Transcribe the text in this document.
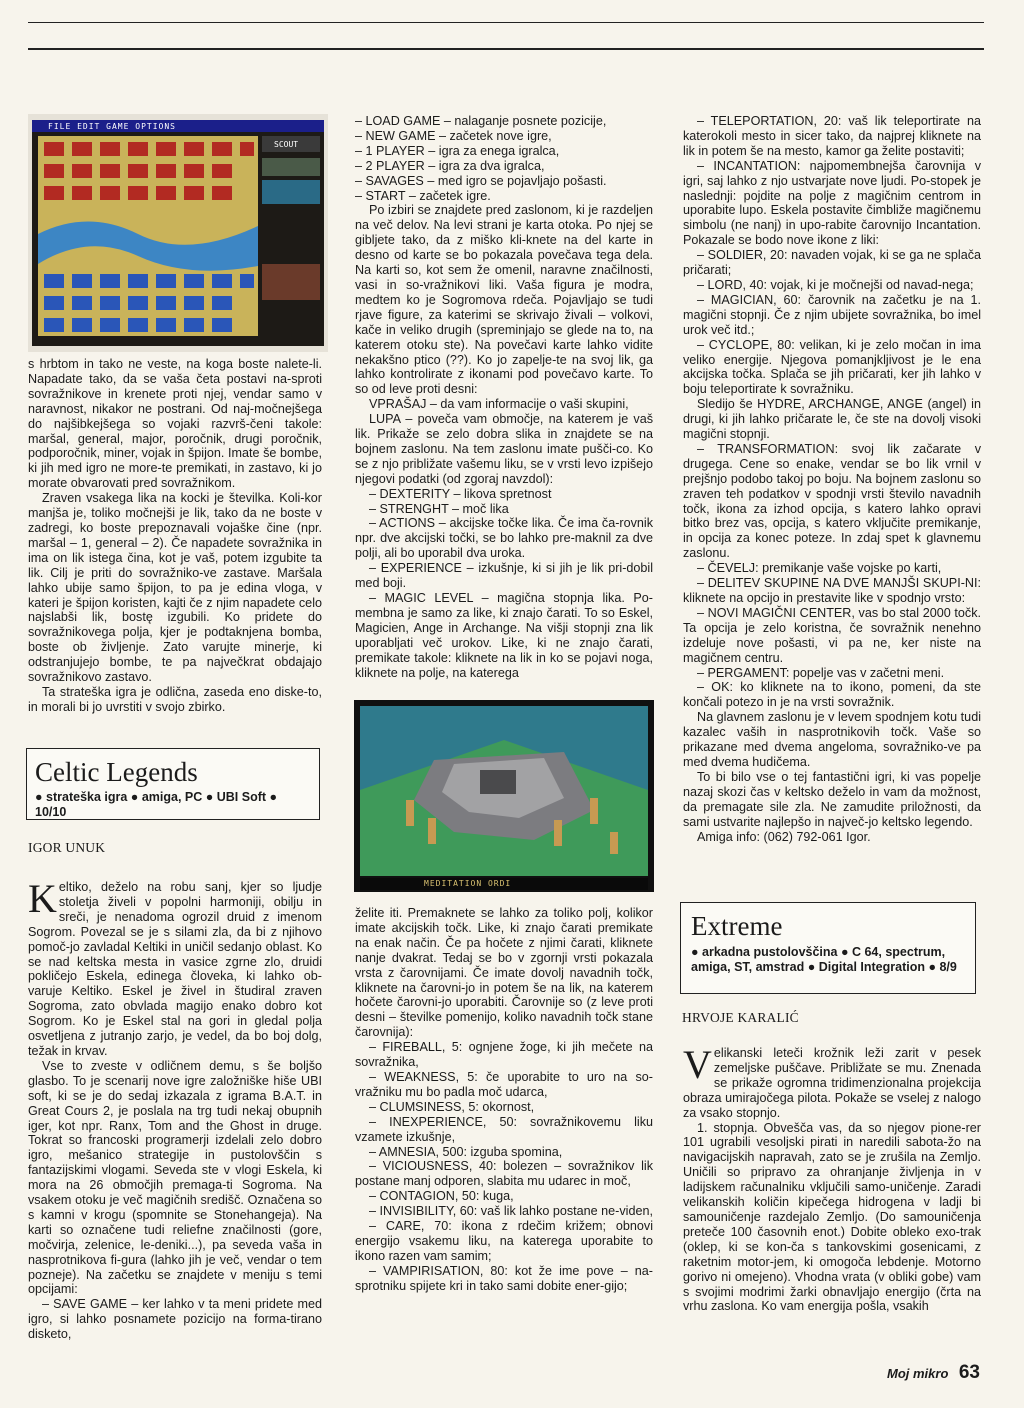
FILE EDIT GAME OPTIONS
SCOUT

s hrbtom in tako ne veste, na koga boste nalete-li. Napadate tako, da se vaša četa postavi na-sproti sovražnikove in krenete proti njej, vendar samo v naravnost, nikakor ne postrani. Od naj-močnejšega do najšibkejšega so vojaki razvrš-čeni takole: maršal, general, major, poročnik, drugi poročnik, podporočnik, miner, vojak in špijon. Imate še bombe, ki jih med igro ne more-te premikati, in zastavo, ki jo morate obvarovati pred sovražnikom.

Zraven vsakega lika na kocki je številka. Koli-kor manjša je, toliko močnejši je lik, tako da ne boste v zadregi, ko boste prepoznavali vojaške čine (npr. maršal – 1, general – 2). Če napadete sovražnika in ima on lik istega čina, kot je vaš, potem izgubite ta lik. Cilj je priti do sovražniko-ve zastave. Maršala lahko ubije samo špijon, to pa je edina vloga, v kateri je špijon koristen, kajti če z njim napadete celo najslabši lik, bostę izgubili. Ko pridete do sovražnikovega polja, kjer je podtaknjena bomba, boste ob življenje. Zato varujte minerje, ki odstranjujejo bombe, te pa največkrat obdajajo sovražnikovo zastavo.

Ta strateška igra je odlična, zaseda eno diske-to, in morali bi jo uvrstiti v svojo zbirko.

Celtic Legends
● strateška igra ● amiga, PC ● UBI Soft ● 10/10
IGOR UNUK

Keltiko, deželo na robu sanj, kjer so ljudje stoletja živeli v popolni harmoniji, obilju in sreči, je nenadoma ogrozil druid z imenom Sogrom. Povezal se je s silami zla, da bi z njihovo pomoč-jo zavladal Keltiki in uničil sedanjo oblast. Ko se nad keltska mesta in vasice zgrne zlo, druidi pokličejo Eskela, edinega človeka, ki lahko ob-varuje Keltiko. Eskel je živel in študiral zraven Sogroma, zato obvlada magijo enako dobro kot Sogrom. Ko je Eskel stal na gori in gledal polja osvetljena z jutranjo zarjo, je vedel, da bo boj dolg, težak in krvav.

Vse to zveste v odličnem demu, s še boljšo glasbo. To je scenarij nove igre založniške hiše UBI soft, ki se je do sedaj izkazala z igrama B.A.T. in Great Cours 2, je poslala na trg tudi nekaj obupnih iger, kot npr. Ranx, Tom and the Ghost in druge. Tokrat so francoski programerji izdelali zelo dobro igro, mešanico strategije in pustolovščin s fantazijskimi vlogami. Seveda ste v vlogi Eskela, ki mora na 26 območjih premaga-ti Sogroma. Na vsakem otoku je več magičnih središč. Označena so s kamni v krogu (spomnite se Stonehangeja). Na karti so označene tudi reliefne značilnosti (gore, močvirja, zelenice, le-deniki...), pa seveda vaša in nasprotnikova fi-gura (lahko jih je več, vendar o tem pozneje). Na začetku se znajdete v meniju s temi opcijami:

– SAVE GAME – ker lahko v ta meni pridete med igro, si lahko posnamete pozicijo na forma-tirano disketo,

– LOAD GAME – nalaganje posnete pozicije,

– NEW GAME – začetek nove igre,

– 1 PLAYER – igra za enega igralca,

– 2 PLAYER – igra za dva igralca,

– SAVAGES – med igro se pojavljajo pošasti.

– START – začetek igre.

Po izbiri se znajdete pred zaslonom, ki je razdeljen na več delov. Na levi strani je karta otoka. Po njej se gibljete tako, da z miško kli-knete na del karte in desno od karte se bo pokazala povečava tega dela. Na karti so, kot sem že omenil, naravne značilnosti, vasi in so-vražnikovi liki. Vaša figura je modra, medtem ko je Sogromova rdeča. Pojavljajo se tudi rjave figure, za katerimi se skrivajo živali – volkovi, kače in veliko drugih (spreminjajo se glede na to, na katerem otoku ste). Na povečavi karte lahko vidite nekakšno ptico (??). Ko jo zapelje-te na svoj lik, ga lahko kontrolirate z ikonami pod povečavo karte. To so od leve proti desni:

VPRAŠAJ – da vam informacije o vaši skupini,

LUPA – poveča vam območje, na katerem je vaš lik. Prikaže se zelo dobra slika in znajdete se na bojnem zaslonu. Na tem zaslonu imate pušči-co. Ko se z njo približate vašemu liku, se v vrsti levo izpišejo njegovi podatki (od zgoraj navzdol):

– DEXTERITY – likova spretnost

– STRENGHT – moč lika

– ACTIONS – akcijske točke lika. Če ima ča-rovnik npr. dve akcijski točki, se bo lahko pre-maknil za dve polji, ali bo uporabil dva uroka.

– EXPERIENCE – izkušnje, ki si jih je lik pri-dobil med boji.

– MAGIC LEVEL – magična stopnja lika. Po-membna je samo za like, ki znajo čarati. To so Eskel, Magicien, Ange in Archange. Na višji stopnji zna lik uporabljati več urokov. Like, ki ne znajo čarati, premikate takole: kliknete na lik in ko se pojavi noga, kliknete na polje, na katerega

MEDITATION ORDI

želite iti. Premaknete se lahko za toliko polj, kolikor imate akcijskih točk. Like, ki znajo čarati premikate na enak način. Če pa hočete z njimi čarati, kliknete nanje dvakrat. Tedaj se bo v zgornji vrsti pokazala vrsta z čarovnijami. Če imate dovolj navadnih točk, kliknete na čarovni-jo in potem še na lik, na katerem hočete čarovni-jo uporabiti. Čarovnije so (z leve proti desni – številke pomenijo, koliko navadnih točk stane čarovnija):

– FIREBALL, 5: ognjene žoge, ki jih mečete na sovražnika,

– WEAKNESS, 5: če uporabite to uro na so-vražniku mu bo padla moč udarca,

– CLUMSINESS, 5: okornost,

– INEXPERIENCE, 50: sovražnikovemu liku vzamete izkušnje,

– AMNESIA, 500: izguba spomina,

– VICIOUSNESS, 40: bolezen – sovražnikov lik postane manj odporen, slabita mu udarec in moč,

– CONTAGION, 50: kuga,

– INVISIBILITY, 60: vaš lik lahko postane ne-viden,

– CARE, 70: ikona z rdečim križem; obnovi energijo vsakemu liku, na katerega uporabite to ikono razen vam samim;

– VAMPIRISATION, 80: kot že ime pove – na-sprotniku spijete kri in tako sami dobite ener-gijo;

– TELEPORTATION, 20: vaš lik teleportirate na katerokoli mesto in sicer tako, da najprej kliknete na lik in potem še na mesto, kamor ga želite postaviti;

– INCANTATION: najpomembnejša čarovnija v igri, saj lahko z njo ustvarjate nove ljudi. Po-stopek je naslednji: pojdite na polje z magičnim centrom in uporabite lupo. Eskela postavite čimbliže magičnemu simbolu (ne nanj) in upo-rabite čarovnijo Incantation. Pokazale se bodo nove ikone z liki:

– SOLDIER, 20: navaden vojak, ki se ga ne splača pričarati;

– LORD, 40: vojak, ki je močnejši od navad-nega;

– MAGICIAN, 60: čarovnik na začetku je na 1. magični stopnji. Če z njim ubijete sovražnika, bo imel urok več itd.;

– CYCLOPE, 80: velikan, ki je zelo močan in ima veliko energije. Njegova pomanjkljivost je le ena akcijska točka. Splača se jih pričarati, ker jih lahko v boju teleportirate k sovražniku.

Sledijo še HYDRE, ARCHANGE, ANGE (angel) in drugi, ki jih lahko pričarate le, če ste na dovolj visoki magični stopnji.

– TRANSFORMATION: svoj lik začarate v drugega. Cene so enake, vendar se bo lik vrnil v prejšnjo podobo takoj po boju. Na bojnem zaslonu so zraven teh podatkov v spodnji vrsti število navadnih točk, ikona za izhod opcija, s katero lahko opravi bitko brez vas, opcija, s katero vključite premikanje, in opcija za konec poteze. In zdaj spet k glavnemu zaslonu.

– ČEVELJ: premikanje vaše vojske po karti,

– DELITEV SKUPINE NA DVE MANJŠI SKUPI-NI: kliknete na opcijo in prestavite like v spodnjo vrsto:

– NOVI MAGIČNI CENTER, vas bo stal 2000 točk. Ta opcija je zelo koristna, če sovražnik nenehno izdeluje nove pošasti, vi pa ne, ker niste na magičnem centru.

– PERGAMENT: popelje vas v začetni meni.

– OK: ko kliknete na to ikono, pomeni, da ste končali potezo in je na vrsti sovražnik.

Na glavnem zaslonu je v levem spodnjem kotu tudi kazalec vaših in nasprotnikovih točk. Vaše so prikazane med dvema angeloma, sovražniko-ve pa med dvema hudičema.

To bi bilo vse o tej fantastični igri, ki vas popelje nazaj skozi čas v keltsko deželo in vam da možnost, da premagate sile zla. Ne zamudite priložnosti, da sami ustvarite najlepšo in največ-jo keltsko legendo.

Amiga info: (062) 792-061 Igor.

Extreme
● arkadna pustolovščina ● C 64, spectrum, amiga, ST, amstrad ● Digital Integration ● 8/9
HRVOJE KARALIĆ

Velikanski leteči krožnik leži zarit v pesek zemeljske puščave. Približate se mu. Znenada se prikaže ogromna tridimenzionalna projekcija obraza umirajočega pilota. Pokaže se vselej z nalogo za vsako stopnjo.

1. stopnja. Obvešča vas, da so njegov pione-rer 101 ugrabili vesoljski pirati in naredili sabota-žo na navigacijskih napravah, zato se je zrušila na Zemljo. Uničili so pripravo za ohranjanje življenja in v ladijskem računalniku vključili samo-uničenje. Zaradi velikanskih količin kipečega hidrogena v ladji bi samouničenje razdejalo Zemljo. (Do samouničenja preteče 100 časovnih enot.) Dobite obleko exo-trak (oklep, ki se kon-ča s tankovskimi gosenicami, z raketnim motor-jem, ki omogoča lebdenje. Motorno gorivo ni omejeno). Vhodna vrata (v obliki gobe) vam s svojimi modrimi žarki obnavljajo energijo (črta na vrhu zaslona. Ko vam energija pošla, vsakih

Moj mikro 63
